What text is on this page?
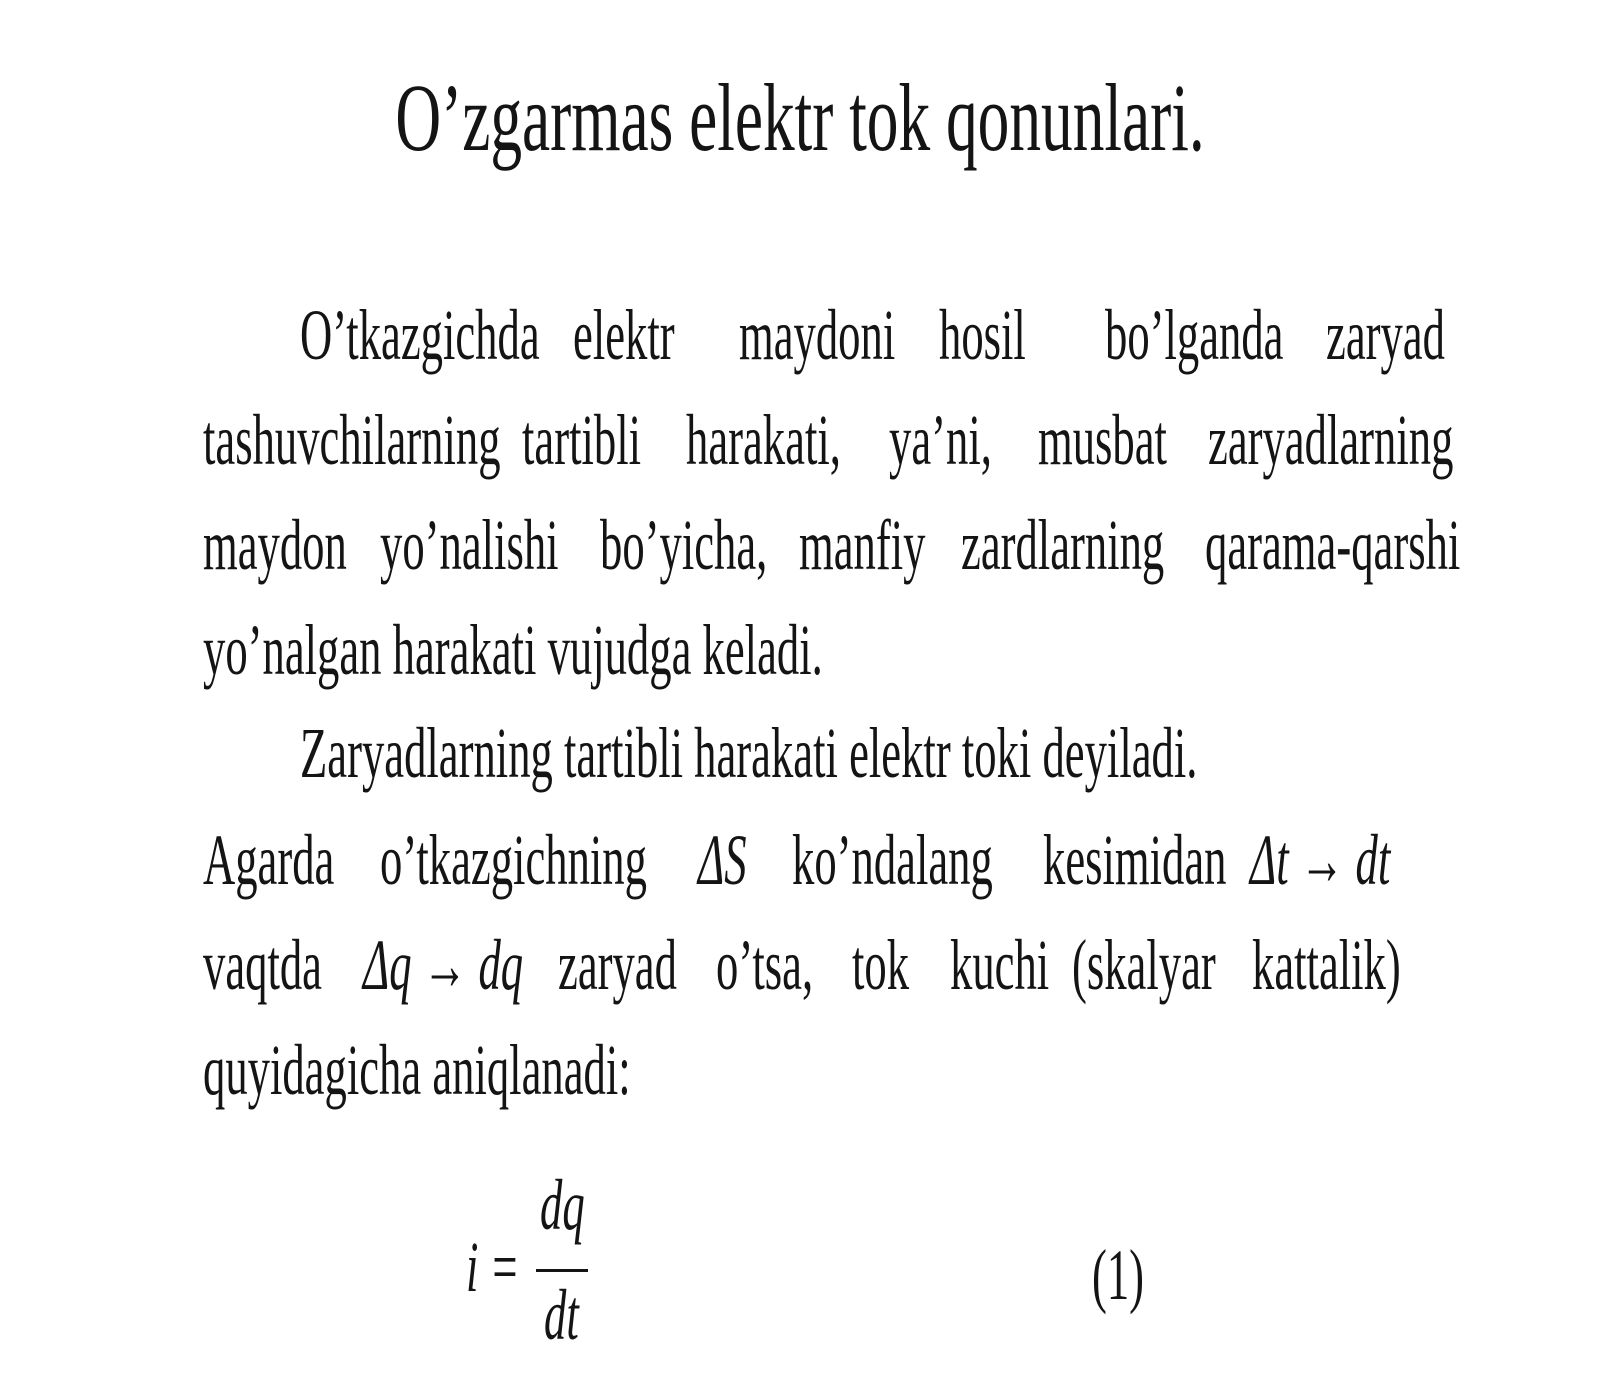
O’zgarmas elektr tok qonunlari.
O’tkazgichda elektr maydoni hosil bo’lganda zaryad
tashuvchilarning tartibli harakati, ya’ni, musbat zaryadlarning
maydon yo’nalishi bo’yicha, manfiy zardlarning qarama-qarshi
yo’nalgan harakati vujudga keladi.
Zaryadlarning tartibli harakati elektr toki deyiladi.
Agarda o’tkazgichning ΔS ko’ndalang kesimidan Δt → dt
vaqtda Δq → dq zaryad o’tsa, tok kuchi (skalyar kattalik)
quyidagicha aniqlanadi:
i =
dq
dt	(1)
